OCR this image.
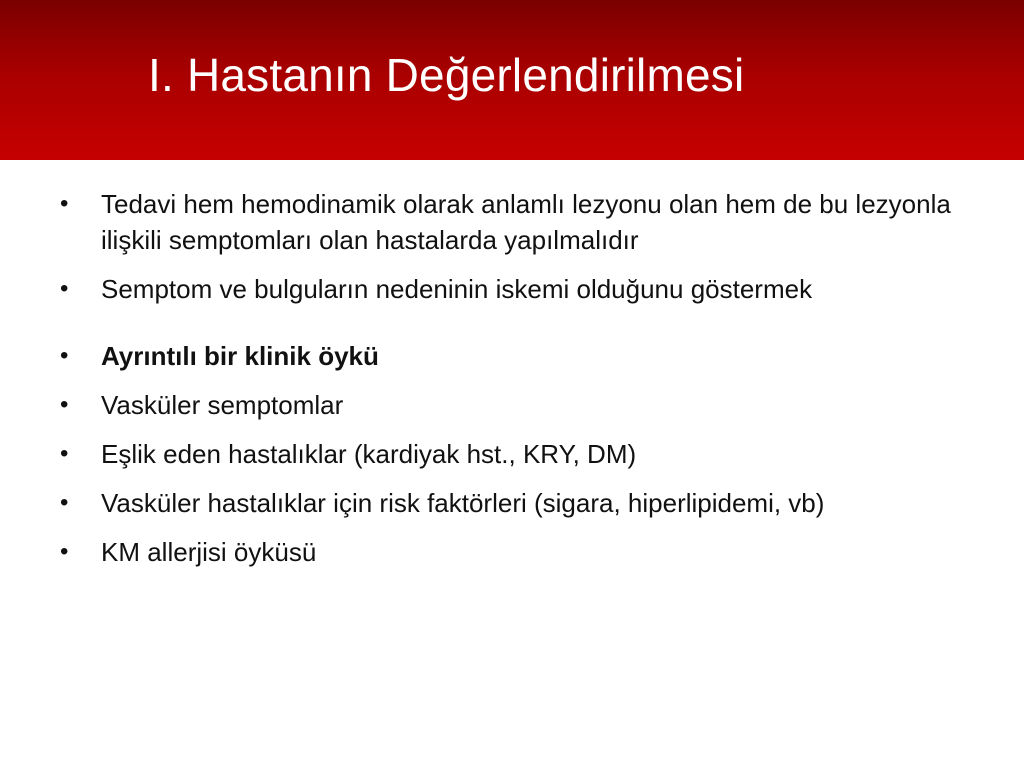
I. Hastanın Değerlendirilmesi
•	Tedavi hem hemodinamik olarak anlamlı lezyonu olan hem de bu lezyonla ilişkili semptomları olan hastalarda yapılmalıdır
•	Semptom ve bulguların nedeninin iskemi olduğunu göstermek
•	Ayrıntılı bir klinik öykü
•	Vasküler semptomlar
•	Eşlik eden hastalıklar (kardiyak hst., KRY, DM)
•	Vasküler hastalıklar için risk faktörleri (sigara, hiperlipidemi, vb)
•	KM allerjisi öyküsü
